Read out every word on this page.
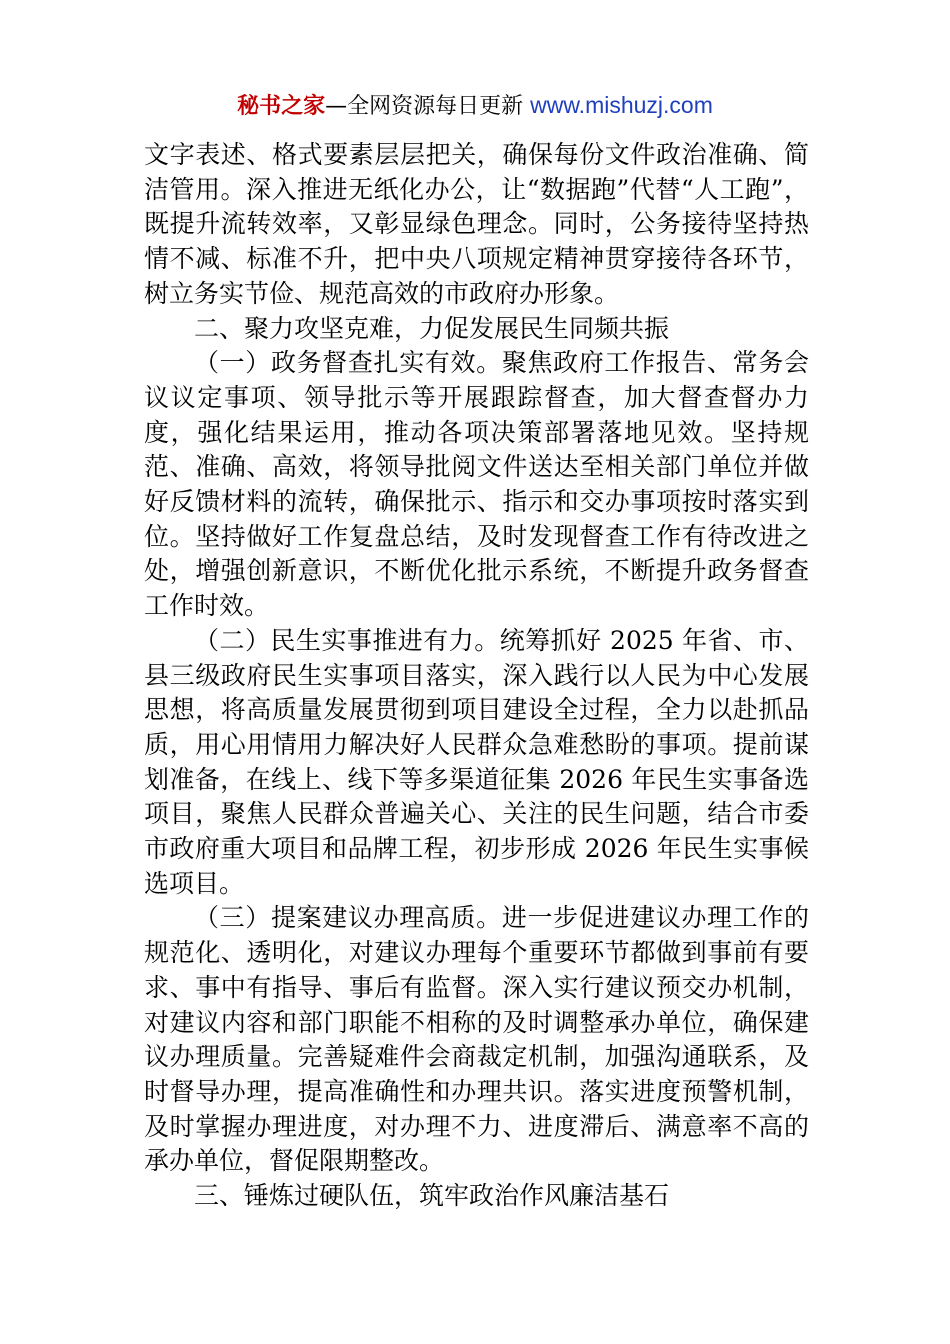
秘书之家—全网资源每日更新 www.mishuzj.com

文字表述、格式要素层层把关，确保每份文件政治准确、简洁管用。深入推进无纸化办公，让“数据跑”代替“人工跑”，既提升流转效率，又彰显绿色理念。同时，公务接待坚持热情不减、标准不升，把中央八项规定精神贯穿接待各环节，树立务实节俭、规范高效的市政府办形象。

二、聚力攻坚克难，力促发展民生同频共振

（一）政务督查扎实有效。聚焦政府工作报告、常务会议议定事项、领导批示等开展跟踪督查，加大督查督办力度，强化结果运用，推动各项决策部署落地见效。坚持规范、准确、高效，将领导批阅文件送达至相关部门单位并做好反馈材料的流转，确保批示、指示和交办事项按时落实到位。坚持做好工作复盘总结，及时发现督查工作有待改进之处，增强创新意识，不断优化批示系统，不断提升政务督查工作时效。

（二）民生实事推进有力。统筹抓好 2025 年省、市、县三级政府民生实事项目落实，深入践行以人民为中心发展思想，将高质量发展贯彻到项目建设全过程，全力以赴抓品质，用心用情用力解决好人民群众急难愁盼的事项。提前谋划准备，在线上、线下等多渠道征集 2026 年民生实事备选项目，聚焦人民群众普遍关心、关注的民生问题，结合市委市政府重大项目和品牌工程，初步形成 2026 年民生实事候选项目。

（三）提案建议办理高质。进一步促进建议办理工作的规范化、透明化，对建议办理每个重要环节都做到事前有要求、事中有指导、事后有监督。深入实行建议预交办机制，对建议内容和部门职能不相称的及时调整承办单位，确保建议办理质量。完善疑难件会商裁定机制，加强沟通联系，及时督导办理，提高准确性和办理共识。落实进度预警机制，及时掌握办理进度，对办理不力、进度滞后、满意率不高的承办单位，督促限期整改。

三、锤炼过硬队伍，筑牢政治作风廉洁基石
